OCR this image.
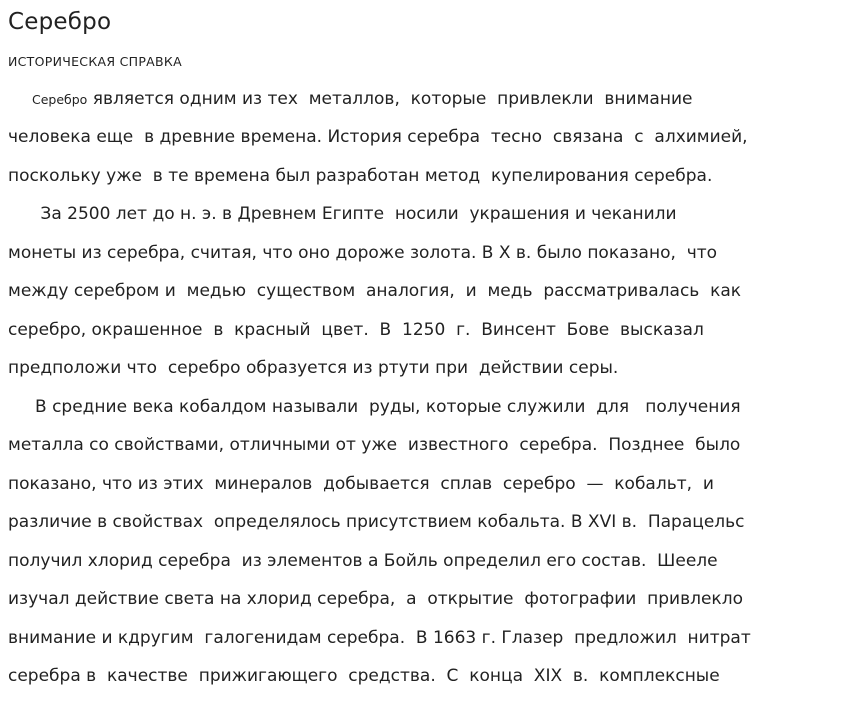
Серебро
ИСТОРИЧЕСКАЯ СПРАВКА
Серебро является одним из тех  металлов,  которые  привлекли  внимание
человека еще  в древние времена. История серебра  тесно  связана  с  алхимией,
поскольку уже  в те времена был разработан метод  купелирования серебра.
За 2500 лет до н. э. в Древнем Египте  носили  украшения и чеканили
монеты из серебра, считая, что оно дороже золота. В X в. было показано,  что
между серебром и  медью  существом  аналогия,  и  медь  рассматривалась  как
серебро, окрашенное  в  красный  цвет.  В  1250  г.  Винсент  Бове  высказал
предположи что  серебро образуется из ртути при  действии серы.
В средние века кобалдом называли  руды, которые служили  для   получения
металла со свойствами, отличными от уже  известного  серебра.  Позднее  было
показано, что из этих  минералов  добывается  сплав  серебро  —  кобальт,  и
различие в свойствах  определялось присутствием кобальта. В XVI в.  Парацельс
получил хлорид серебра  из элементов а Бойль определил его состав.  Шееле
изучал действие света на хлорид серебра,  а  открытие  фотографии  привлекло
внимание и кдругим  галогенидам серебра.  В 1663 г. Глазер  предложил  нитрат
серебра в  качестве  прижигающего  средства.  С  конца  XIX  в.  комплексные
